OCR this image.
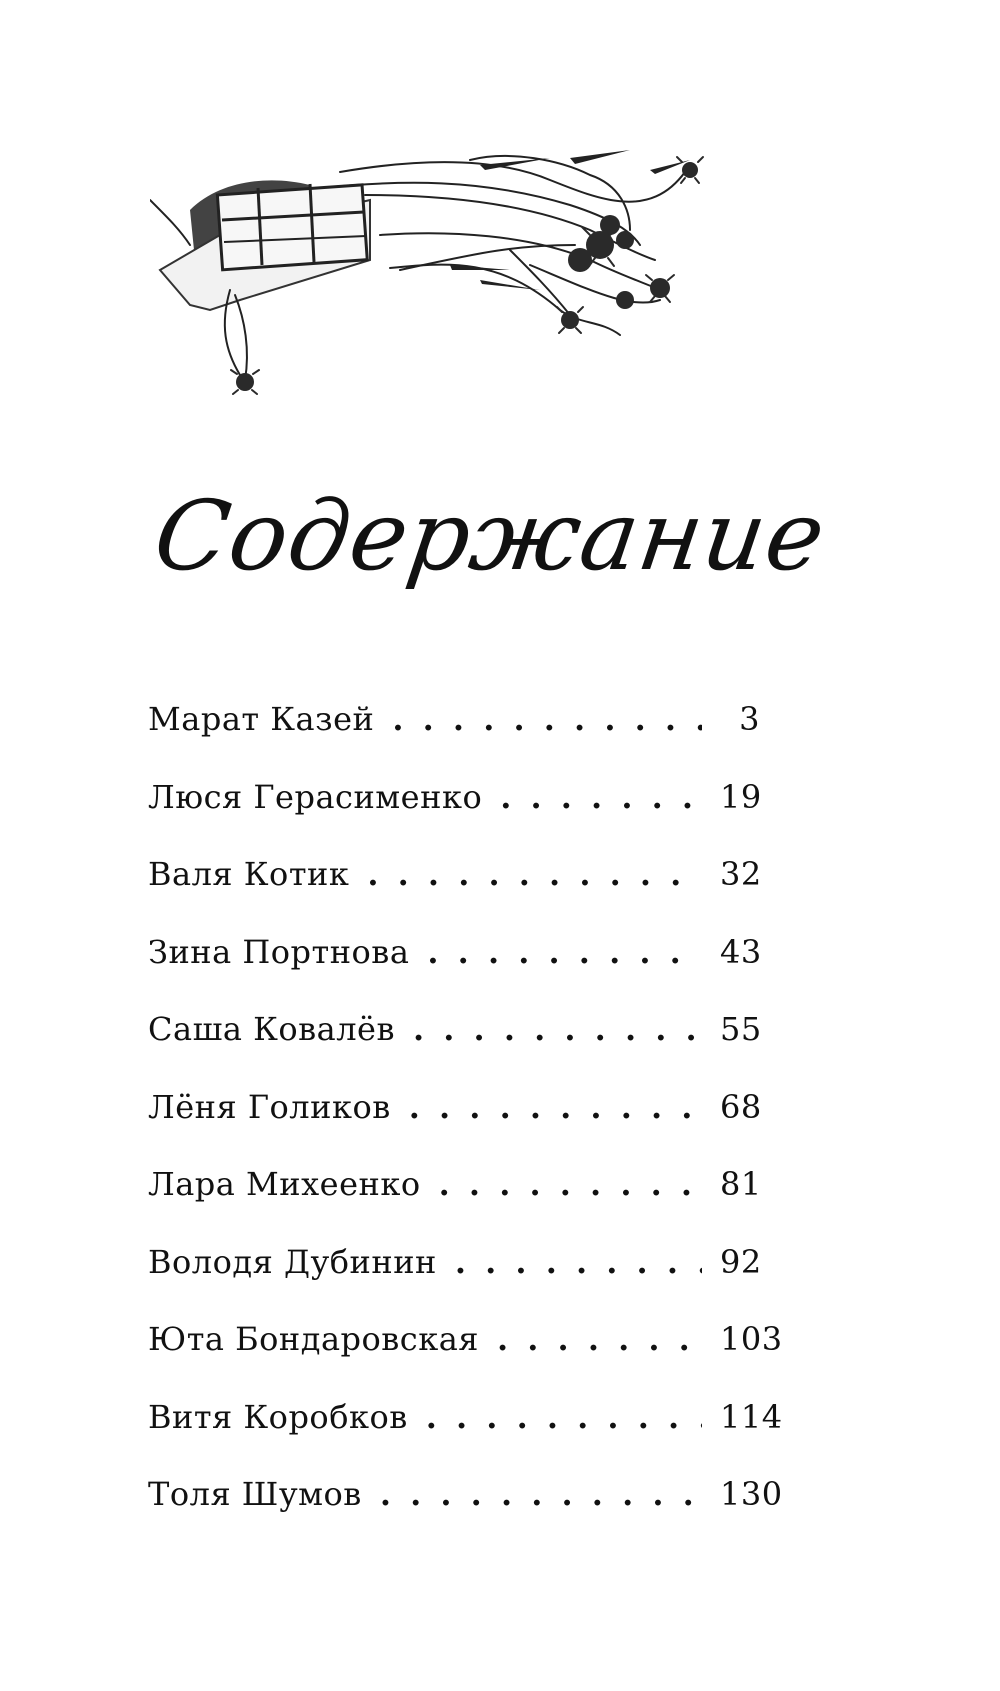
Содержание
Марат Казей . . .	3
Люся Герасименко . . .	19
Валя Котик . . .	32
Зина Портнова . . .	43
Саша Ковалёв . . .	55
Лёня Голиков . . .	68
Лара Михеенко . . .	81
Володя Дубинин . . .	92
Юта Бондаровская . . .	103
Витя Коробков . . .	114
Толя Шумов . . .	130
